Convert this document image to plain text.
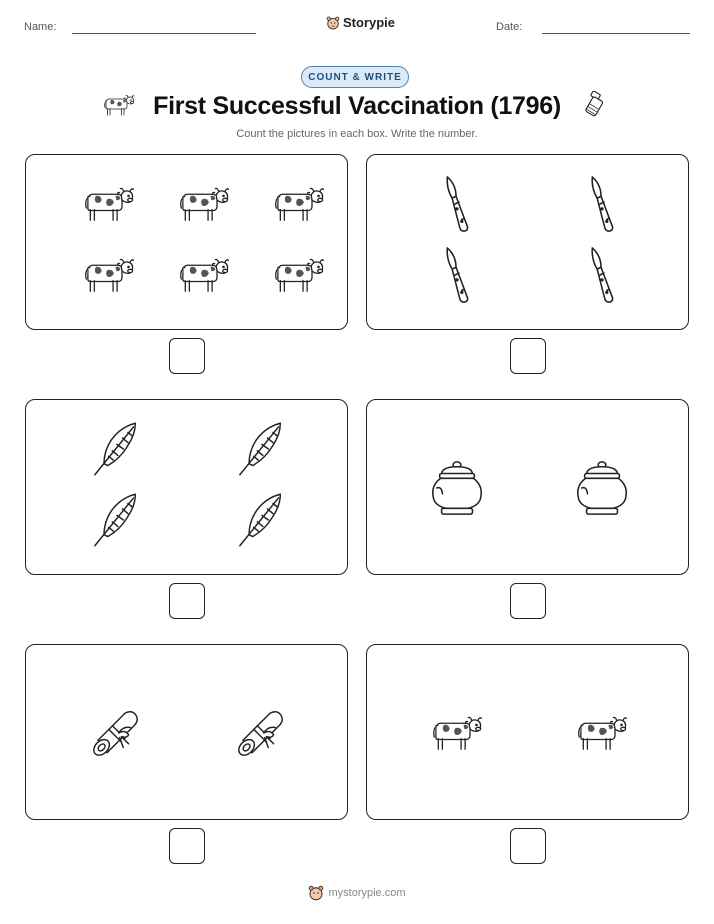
Name:	Storypie	Date:
COUNT & WRITE
First Successful Vaccination (1796)
Count the pictures in each box. Write the number.
mystorypie.com
